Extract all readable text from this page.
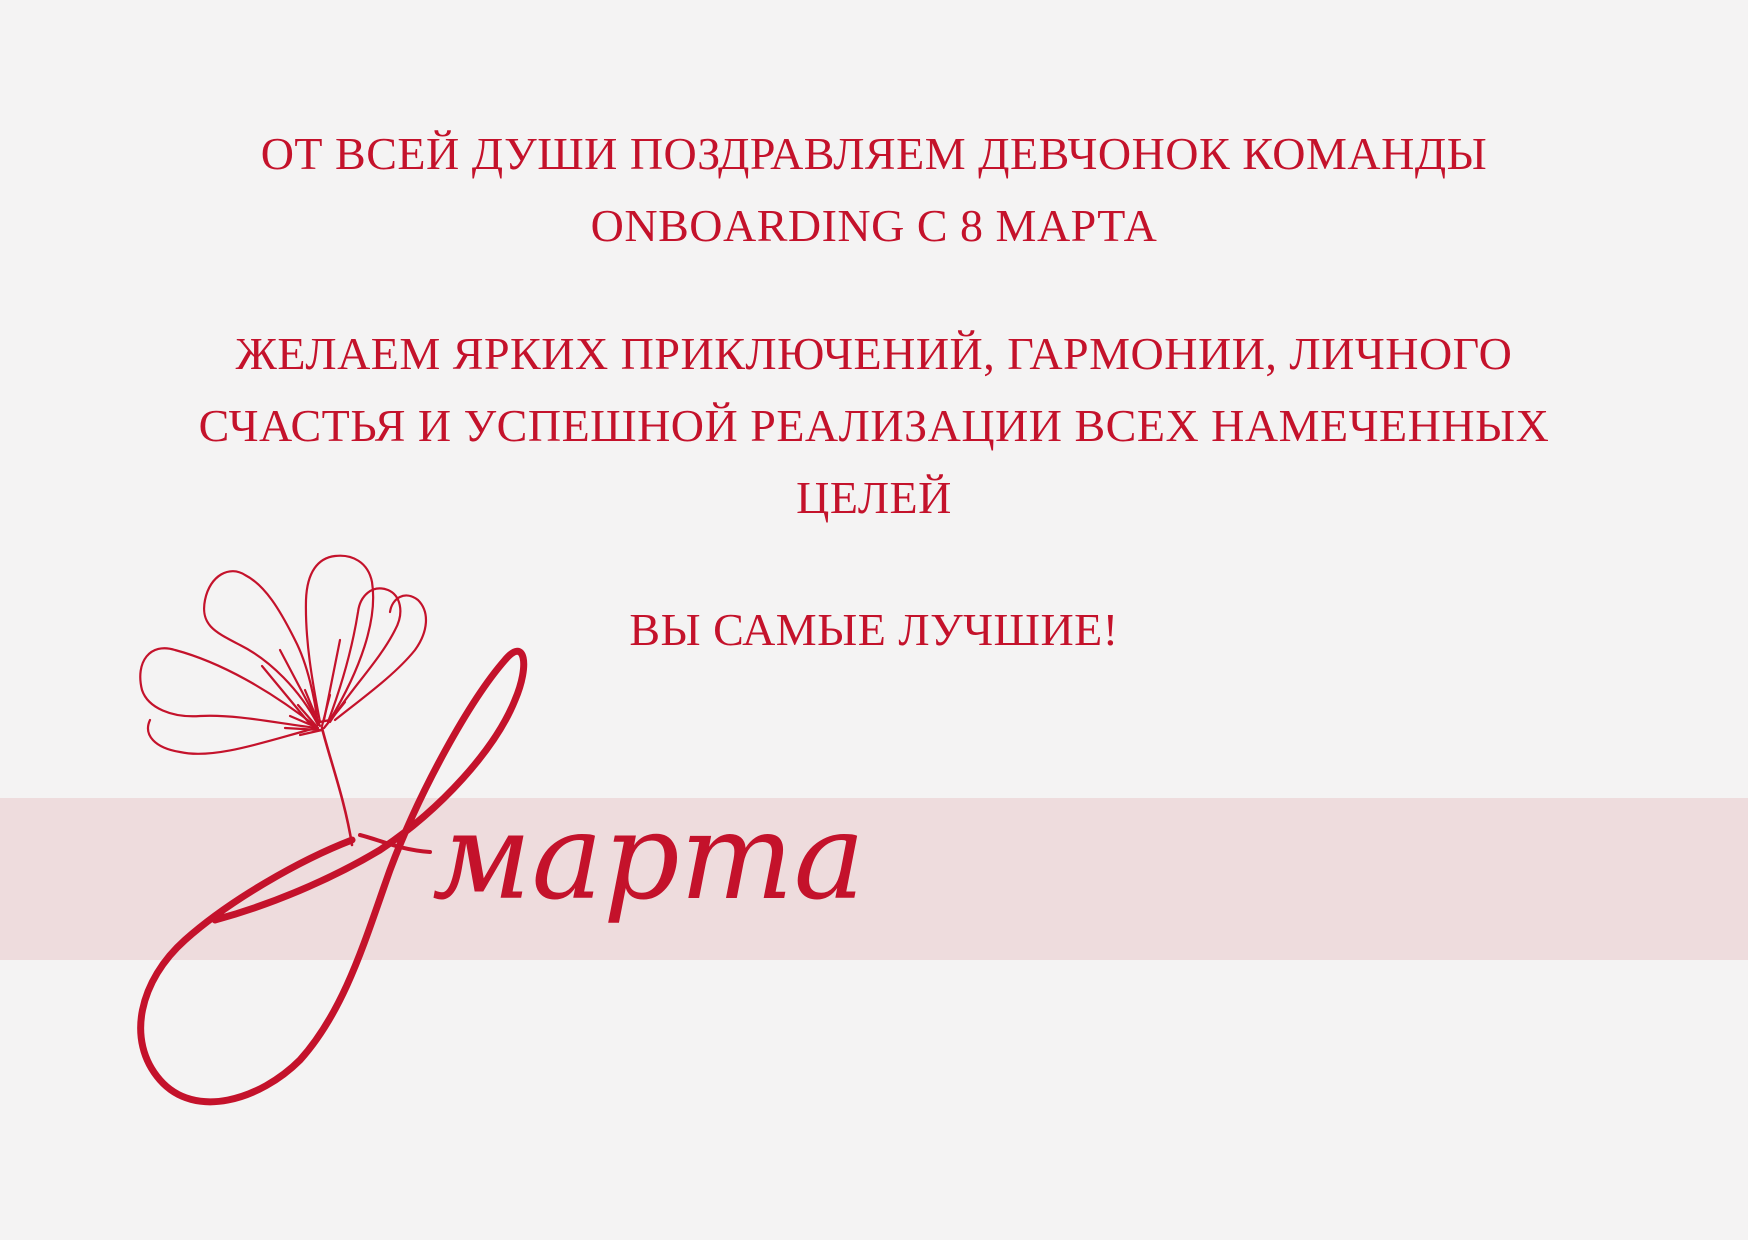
ОТ ВСЕЙ ДУШИ ПОЗДРАВЛЯЕМ ДЕВЧОНОК КОМАНДЫ
ONBOARDING С 8 МАРТА

ЖЕЛАЕМ ЯРКИХ ПРИКЛЮЧЕНИЙ, ГАРМОНИИ, ЛИЧНОГО
СЧАСТЬЯ И УСПЕШНОЙ РЕАЛИЗАЦИИ ВСЕХ НАМЕЧЕННЫХ
ЦЕЛЕЙ

ВЫ САМЫЕ ЛУЧШИЕ!

марта
